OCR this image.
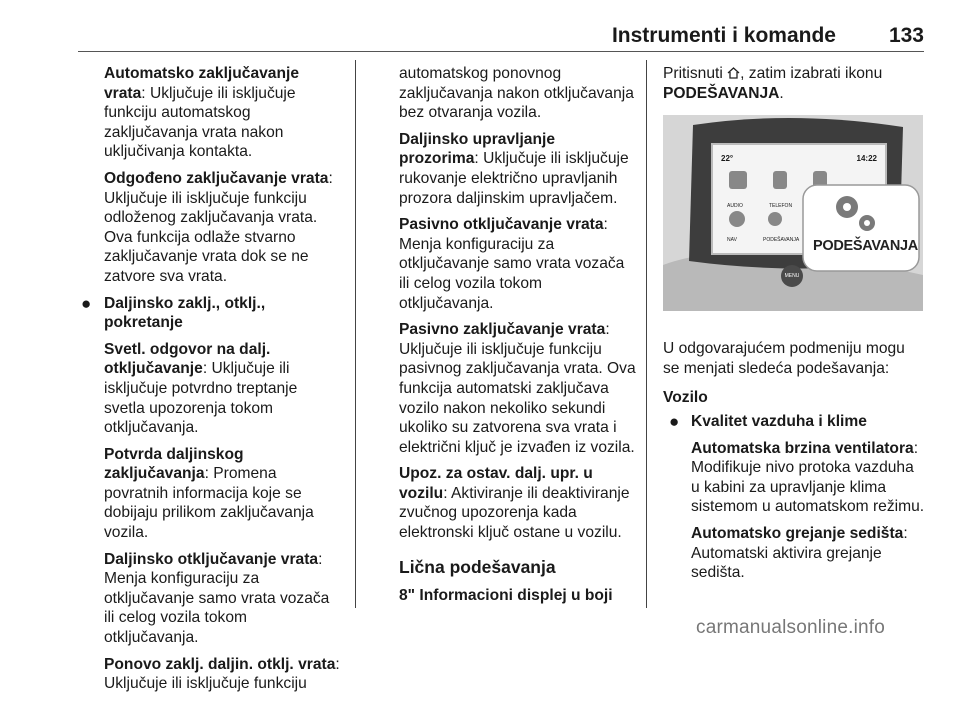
Instrumenti i komande	133

Automatsko zaključavanje vrata: Uključuje ili isključuje funkciju automatskog zaključavanja vrata nakon uključivanja kontakta.

Odgođeno zaključavanje vrata: Uključuje ili isključuje funkciju odloženog zaključavanja vrata. Ova funkcija odlaže stvarno zaključavanje vrata dok se ne zatvore sva vrata.

● Daljinsko zaklj., otklj., pokretanje

Svetl. odgovor na dalj. otključavanje: Uključuje ili isključuje potvrdno treptanje svetla upozorenja tokom otključavanja.

Potvrda daljinskog zaključavanja: Promena povratnih informacija koje se dobijaju prilikom zaključavanja vozila.

Daljinsko otključavanje vrata: Menja konfiguraciju za otključavanje samo vrata vozača ili celog vozila tokom otključavanja.

Ponovo zaklj. daljin. otklj. vrata: Uključuje ili isključuje funkciju

automatskog ponovnog zaključavanja nakon otključavanja bez otvaranja vozila.

Daljinsko upravljanje prozorima: Uključuje ili isključuje rukovanje električno upravljanih prozora daljinskim upravljačem.

Pasivno otključavanje vrata: Menja konfiguraciju za otključavanje samo vrata vozača ili celog vozila tokom otključavanja.

Pasivno zaključavanje vrata: Uključuje ili isključuje funkciju pasivnog zaključavanja vrata. Ova funkcija automatski zaključava vozilo nakon nekoliko sekundi ukoliko su zatvorena sva vrata i električni ključ je izvađen iz vozila.

Upoz. za ostav. dalj. upr. u vozilu: Aktiviranje ili deaktiviranje zvučnog upozorenja kada elektronski ključ ostane u vozilu.

Lična podešavanja
8" Informacioni displej u boji

Pritisnuti , zatim izabrati ikonu PODEŠAVANJA.

22°	14:22
AUDIO	TELEFON
NAV	PODEŠAVANJA PODEŠAVANJA
MENU

U odgovarajućem podmeniju mogu se menjati sledeća podešavanja:

Vozilo
● Kvalitet vazduha i klime

Automatska brzina ventilatora: Modifikuje nivo protoka vazduha u kabini za upravljanje klima sistemom u automatskom režimu.

Automatsko grejanje sedišta: Automatski aktivira grejanje sedišta.

carmanualsonline.info
